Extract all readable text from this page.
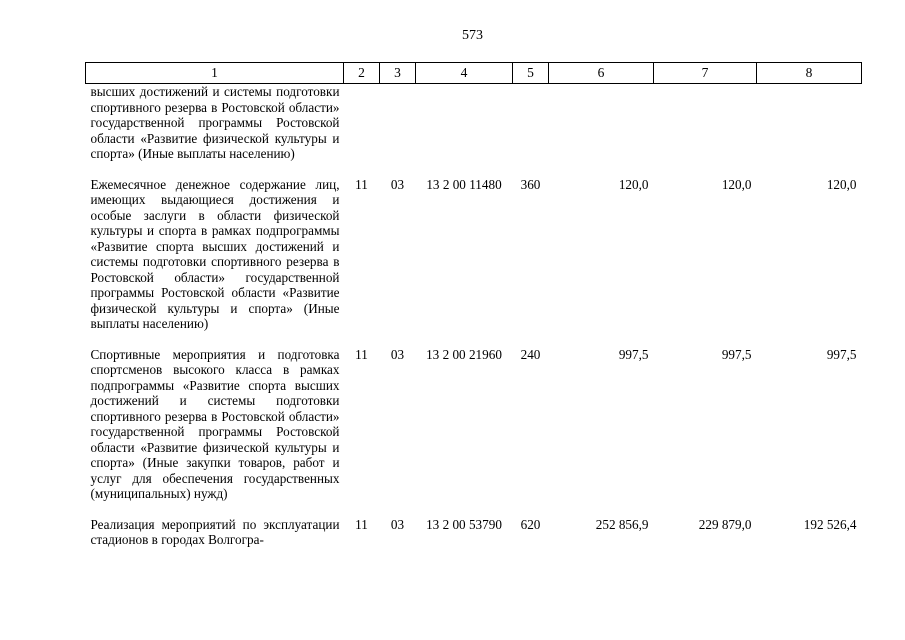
573
1	2	3	4	5	6	7	8
высших достижений и системы подготовки спортивного резерва в Ростовской области» государственной программы Ростовской области «Развитие физической культуры и спорта» (Иные выплаты населению)							
Ежемесячное денежное содержание лиц, имеющих выдающиеся достижения и особые заслуги в области физической культуры и спорта в рамках подпрограммы «Развитие спорта высших достижений и системы подготовки спортивного резерва в Ростовской области» государственной программы Ростовской области «Развитие физической культуры и спорта» (Иные выплаты населению)	11	03	13 2 00 11480	360	120,0	120,0	120,0
Спортивные мероприятия и подготовка спортсменов высокого класса в рамках подпрограммы «Развитие спорта высших достижений и системы подготовки спортивного резерва в Ростовской области» государственной программы Ростовской области «Развитие физической культуры и спорта» (Иные закупки товаров, работ и услуг для обеспечения государственных (муниципальных) нужд)	11	03	13 2 00 21960	240	997,5	997,5	997,5
Реализация мероприятий по эксплуатации стадионов в городах Волгогра-	11	03	13 2 00 53790	620	252 856,9	229 879,0	192 526,4
